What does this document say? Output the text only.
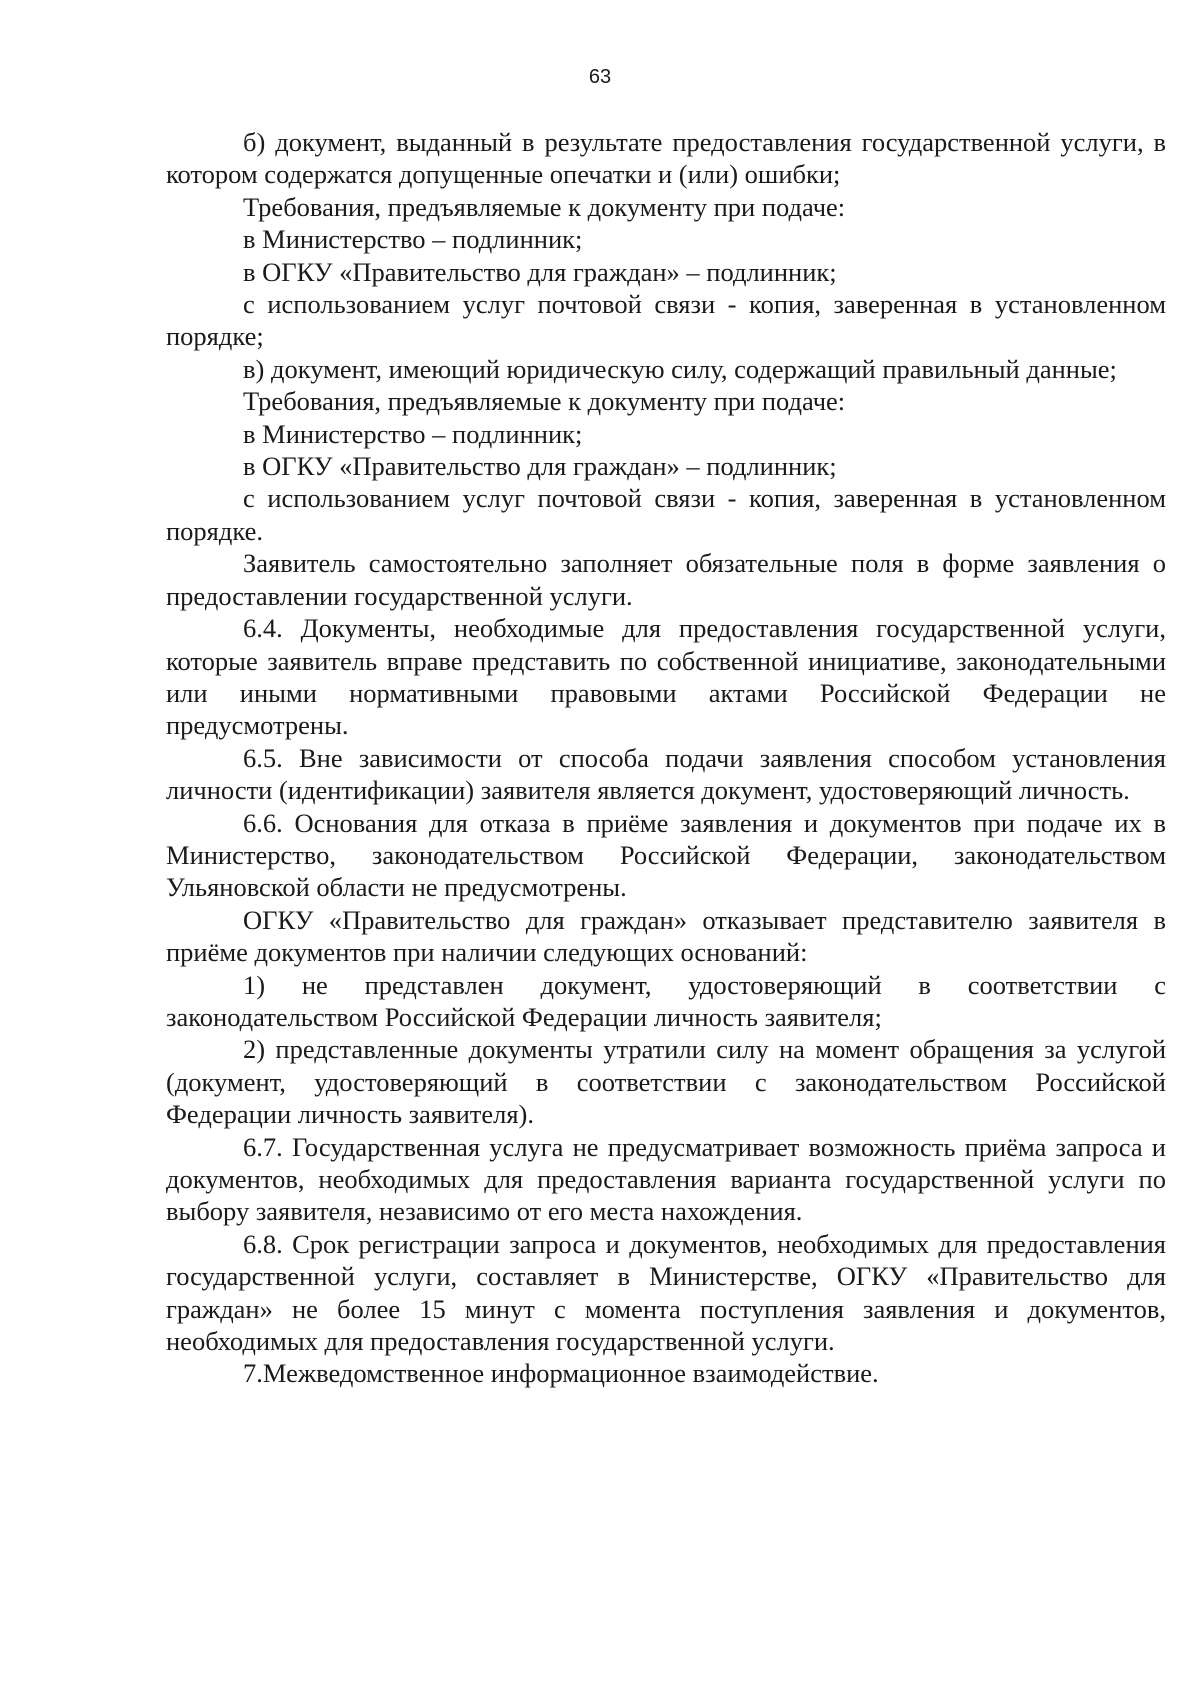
63

б) документ, выданный в результате предоставления государственной услуги, в котором содержатся допущенные опечатки и (или) ошибки;

Требования, предъявляемые к документу при подаче:

в Министерство – подлинник;

в ОГКУ «Правительство для граждан» – подлинник;

с использованием услуг почтовой связи - копия, заверенная в установленном порядке;

в) документ, имеющий юридическую силу, содержащий правильный данные;

Требования, предъявляемые к документу при подаче:

в Министерство – подлинник;

в ОГКУ «Правительство для граждан» – подлинник;

с использованием услуг почтовой связи - копия, заверенная в установленном порядке.

Заявитель самостоятельно заполняет обязательные поля в форме заявления о предоставлении государственной услуги.

6.4. Документы, необходимые для предоставления государственной услуги, которые заявитель вправе представить по собственной инициативе, законодательными или иными нормативными правовыми актами Российской Федерации не предусмотрены.

6.5. Вне зависимости от способа подачи заявления способом установления личности (идентификации) заявителя является документ, удостоверяющий личность.

6.6. Основания для отказа в приёме заявления и документов при подаче их в Министерство, законодательством Российской Федерации, законодательством Ульяновской области не предусмотрены.

ОГКУ «Правительство для граждан» отказывает представителю заявителя в приёме документов при наличии следующих оснований:

1) не представлен документ, удостоверяющий в соответствии с законодательством Российской Федерации личность заявителя;

2) представленные документы утратили силу на момент обращения за услугой (документ, удостоверяющий в соответствии с законодательством Российской Федерации личность заявителя).

6.7. Государственная услуга не предусматривает возможность приёма запроса и документов, необходимых для предоставления варианта государственной услуги по выбору заявителя, независимо от его места нахождения.

6.8. Срок регистрации запроса и документов, необходимых для предоставления государственной услуги, составляет в Министерстве, ОГКУ «Правительство для граждан» не более 15 минут с момента поступления заявления и документов, необходимых для предоставления государственной услуги.

7.Межведомственное информационное взаимодействие.
